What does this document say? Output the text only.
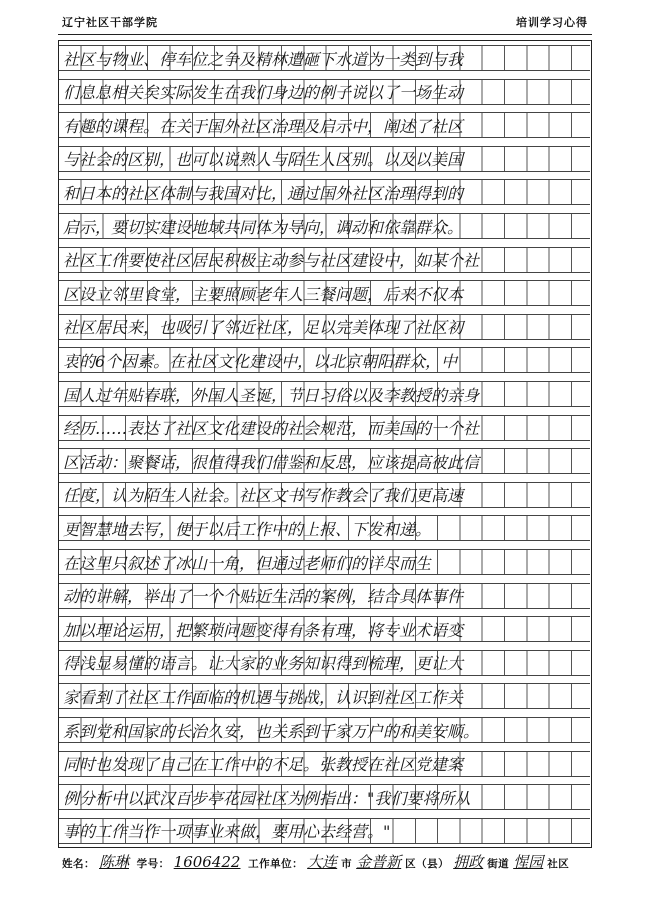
辽宁社区干部学院	培训学习心得
社区与物业、停车位之争及精林遭砸下水道为一类到与我
们息息相关矣实际发生在我们身边的例子说以了一场生动
有趣的课程。在关于国外社区治理及启示中，阐述了社区
与社会的区别，也可以说熟人与陌生人区别。以及以美国
和日本的社区体制与我国对比，通过国外社区治理得到的
启示，要切实建设地域共同体为导向，调动和依靠群众。
社区工作要使社区居民积极主动参与社区建设中，如某个社
区设立邻里食堂，主要照顾老年人三餐问题，后来不仅本
社区居民来，也吸引了邻近社区，足以完美体现了社区初
衷的6个因素。在社区文化建设中，以北京朝阳群众，中
国人过年贴春联，外国人圣诞，节日习俗以及李教授的亲身
经历……表达了社区文化建设的社会规范，而美国的一个社
区活动：聚餐话，很值得我们借鉴和反思，应该提高彼此信
任度，认为陌生人社会。社区文书写作教会了我们更高速
更智慧地去写，便于以后工作中的上报、下发和递。
在这里只叙述了冰山一角，但通过老师们的详尽而生
动的讲解，举出了一个个贴近生活的案例，结合具体事件
加以理论运用，把繁琐问题变得有条有理，将专业术语变
得浅显易懂的语言。让大家的业务知识得到梳理，更让大
家看到了社区工作面临的机遇与挑战，认识到社区工作关
系到党和国家的长治久安，也关系到千家万户的和美安顺。
同时也发现了自己在工作中的不足。张教授在社区党建案
例分析中以武汉百步亭花园社区为例指出："我们要将所从
事的工作当作一项事业来做，要用心去经营。"
姓名： 陈琳 学号： 1606422 工作单位： 大连 市 金普新 区（县） 拥政 街道 惺园 社区
